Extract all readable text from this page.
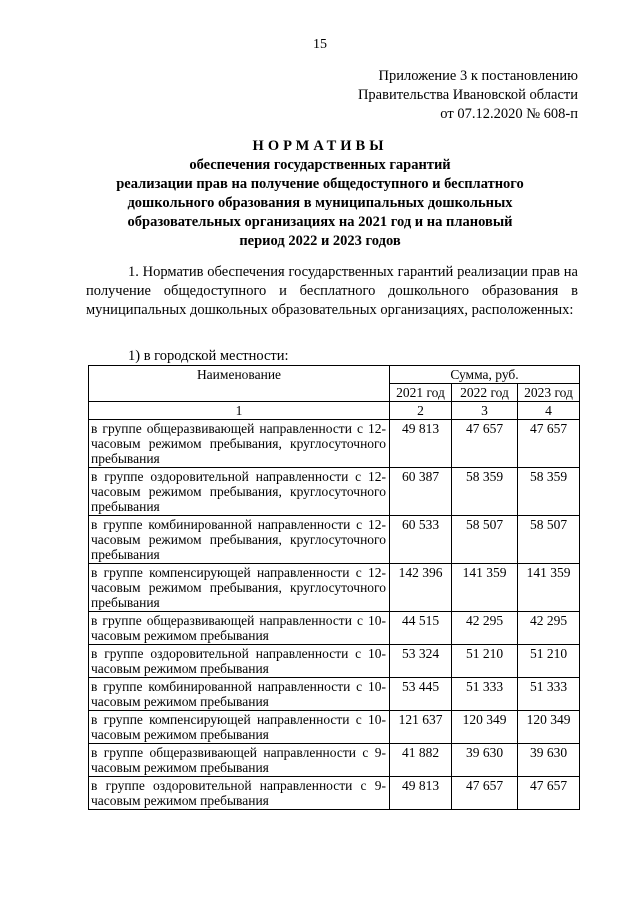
15
Приложение 3 к постановлению
Правительства Ивановской области
от 07.12.2020 № 608-п
НОРМАТИВЫ
обеспечения государственных гарантий
реализации прав на получение общедоступного и бесплатного
дошкольного образования в муниципальных дошкольных
образовательных организациях на 2021 год и на плановый
период 2022 и 2023 годов
1. Норматив обеспечения государственных гарантий реализации прав на получение общедоступного и бесплатного дошкольного образования в муниципальных дошкольных образовательных организациях, расположенных:
1) в городской местности:
Наименование	Сумма, руб.		
	2021 год	2022 год	2023 год
1	2	3	4
в группе общеразвивающей направленности с 12-часовым режимом пребывания, круглосуточного пребывания	49 813	47 657	47 657
в группе оздоровительной направленности с 12-часовым режимом пребывания, круглосуточного пребывания	60 387	58 359	58 359
в группе комбинированной направленности с 12-часовым режимом пребывания, круглосуточного пребывания	60 533	58 507	58 507
в группе компенсирующей направленности с 12-часовым режимом пребывания, круглосуточного пребывания	142 396	141 359	141 359
в группе общеразвивающей направленности с 10-часовым режимом пребывания	44 515	42 295	42 295
в группе оздоровительной направленности с 10-часовым режимом пребывания	53 324	51 210	51 210
в группе комбинированной направленности с 10-часовым режимом пребывания	53 445	51 333	51 333
в группе компенсирующей направленности с 10-часовым режимом пребывания	121 637	120 349	120 349
в группе общеразвивающей направленности с 9-часовым режимом пребывания	41 882	39 630	39 630
в группе оздоровительной направленности с 9-часовым режимом пребывания	49 813	47 657	47 657
